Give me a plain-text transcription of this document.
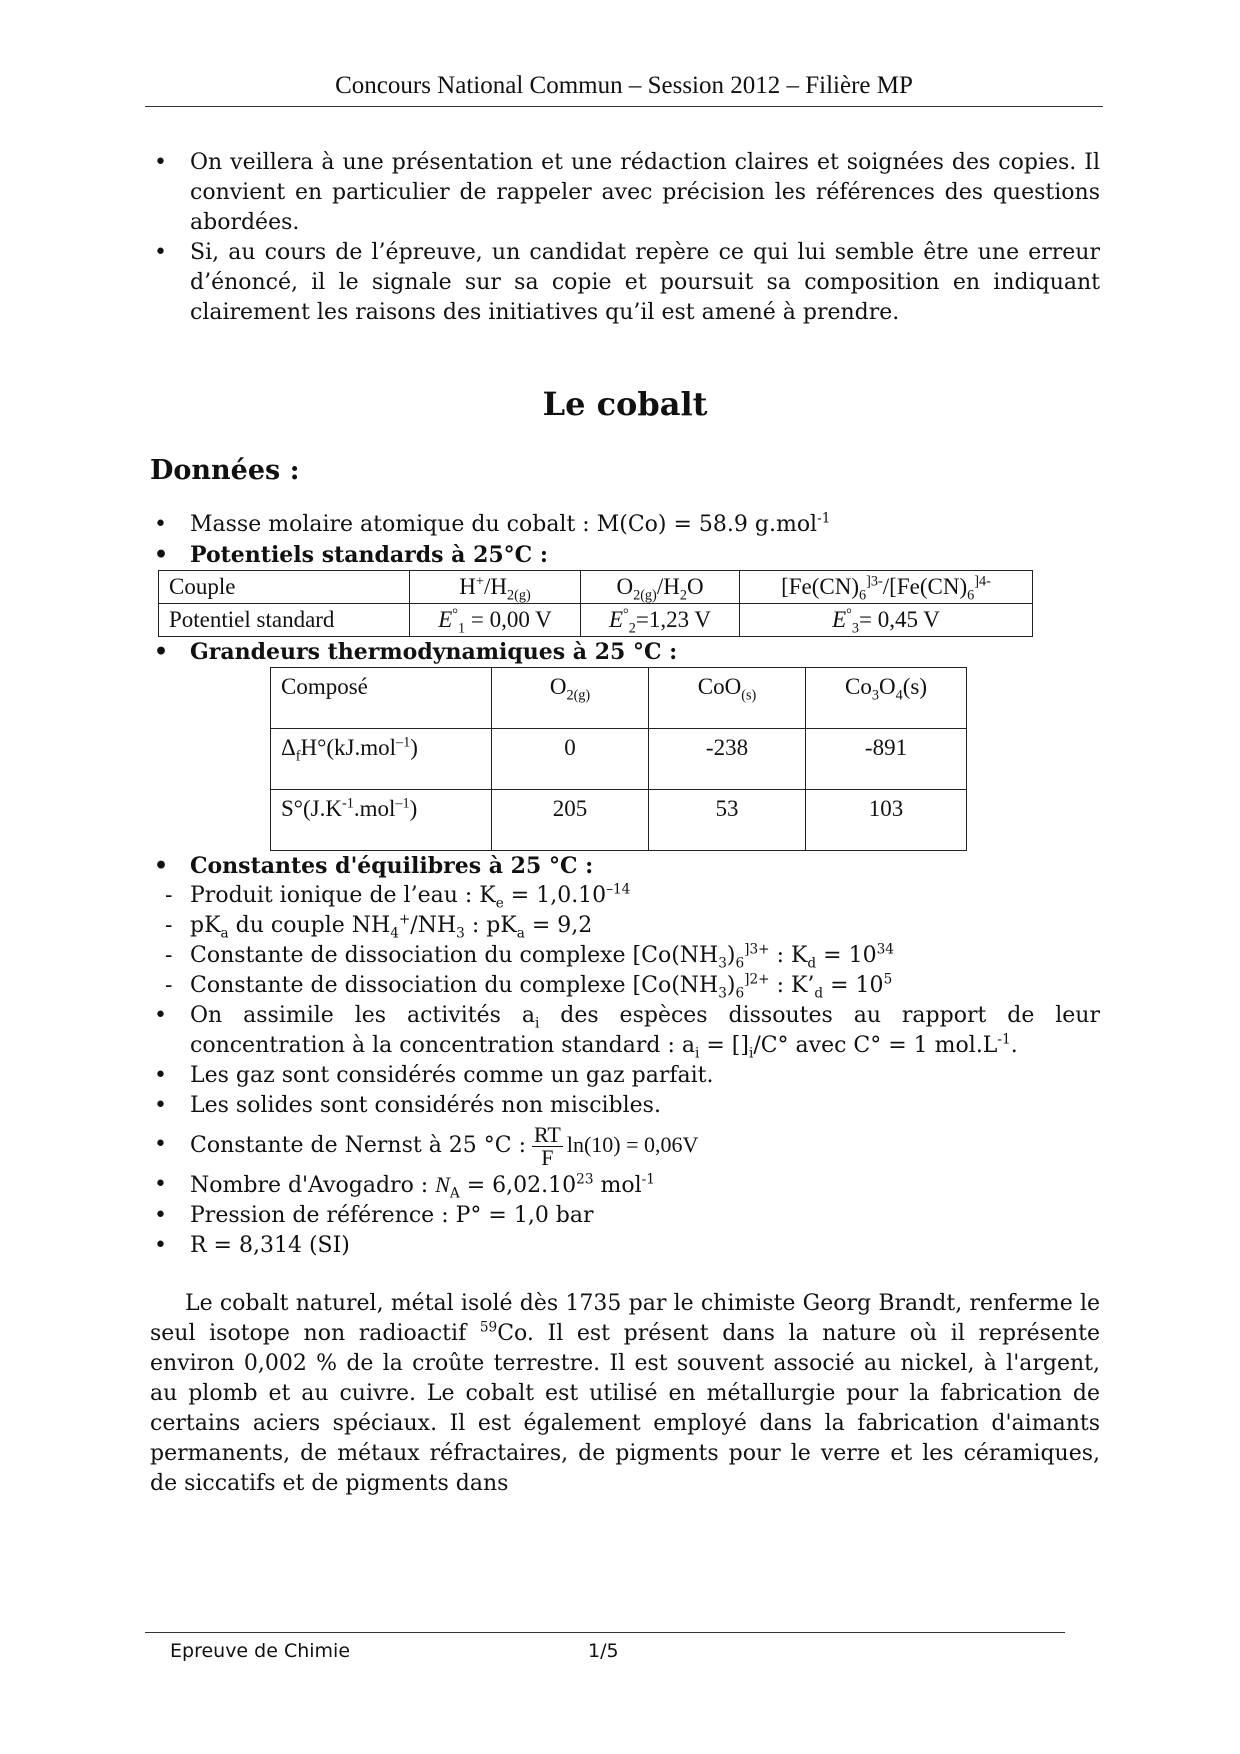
Concours National Commun – Session 2012 – Filière MP
• On veillera à une présentation et une rédaction claires et soignées des copies. Il convient en particulier de rappeler avec précision les références des questions abordées.
• Si, au cours de l’épreuve, un candidat repère ce qui lui semble être une erreur d’énoncé, il le signale sur sa copie et poursuit sa composition en indiquant clairement les raisons des initiatives qu’il est amené à prendre.
Le cobalt
Données :
• Masse molaire atomique du cobalt : M(Co) = 58.9 g.mol$^{-1}$
• Potentiels standards à 25°C :
Couple	$H^+/H_{2(g)}$	$O_{2(g)}/H_2O$	[$Fe(CN)_6^{]3-}/[Fe(CN)_6^{]4-}$
Potentiel standard	$E^\circ_1 = 0,00$ V	$E^\circ_2=1,23$ V	$E^\circ_3= 0,45$ V
• Grandeurs thermodynamiques à 25 °C :
Composé	$O_{2(g)}$	CoO$_{(s)}$	$Co_3O_4(s)$
$\Delta_fH^\circ(kJ.mol^{-1})$	0	-238	-891
$S^\circ(J.K^{-1}.mol^{-1})$	205	53	103
• Constantes d'équilibres à 25 °C :
- Produit ionique de l’eau : $K_e = 1,0.10^{-14}$
- $pK_a$ du couple $NH_4^+/NH_3$ : $pK_a = 9,2$
- Constante de dissociation du complexe [$Co(NH_3)_6^{]3+}$ : $K_d = 10^{34}$
- Constante de dissociation du complexe [$Co(NH_3)_6^{]2+}$ : $K’_d = 10^5$
• On assimile les activités $a_i$ des espèces dissoutes au rapport de leur concentration à la concentration standard : $a_i = []_i/C^\circ$ avec C° = 1 $mol.L^{-1}$.
• Les gaz sont considérés comme un gaz parfait.
• Les solides sont considérés non miscibles.
• Constante de Nernst à 25 °C : $\frac{RT}{F} \ln(10) = 0,06V$
• Nombre d'Avogadro : $N_A = 6,02.10^{23}$ mol$^{-1}$
• Pression de référence : P° = 1,0 bar
• R = 8,314 (SI)
Le cobalt naturel, métal isolé dès 1735 par le chimiste Georg Brandt, renferme le seul isotope non radioactif $^{59}$Co. Il est présent dans la nature où il représente environ 0,002 % de la croûte terrestre. Il est souvent associé au nickel, à l'argent, au plomb et au cuivre. Le cobalt est utilisé en métallurgie pour la fabrication de certains aciers spéciaux. Il est également employé dans la fabrication d'aimants permanents, de métaux réfractaires, de pigments pour le verre et les céramiques, de siccatifs et de pigments dans
Epreuve de Chimie	1/5
